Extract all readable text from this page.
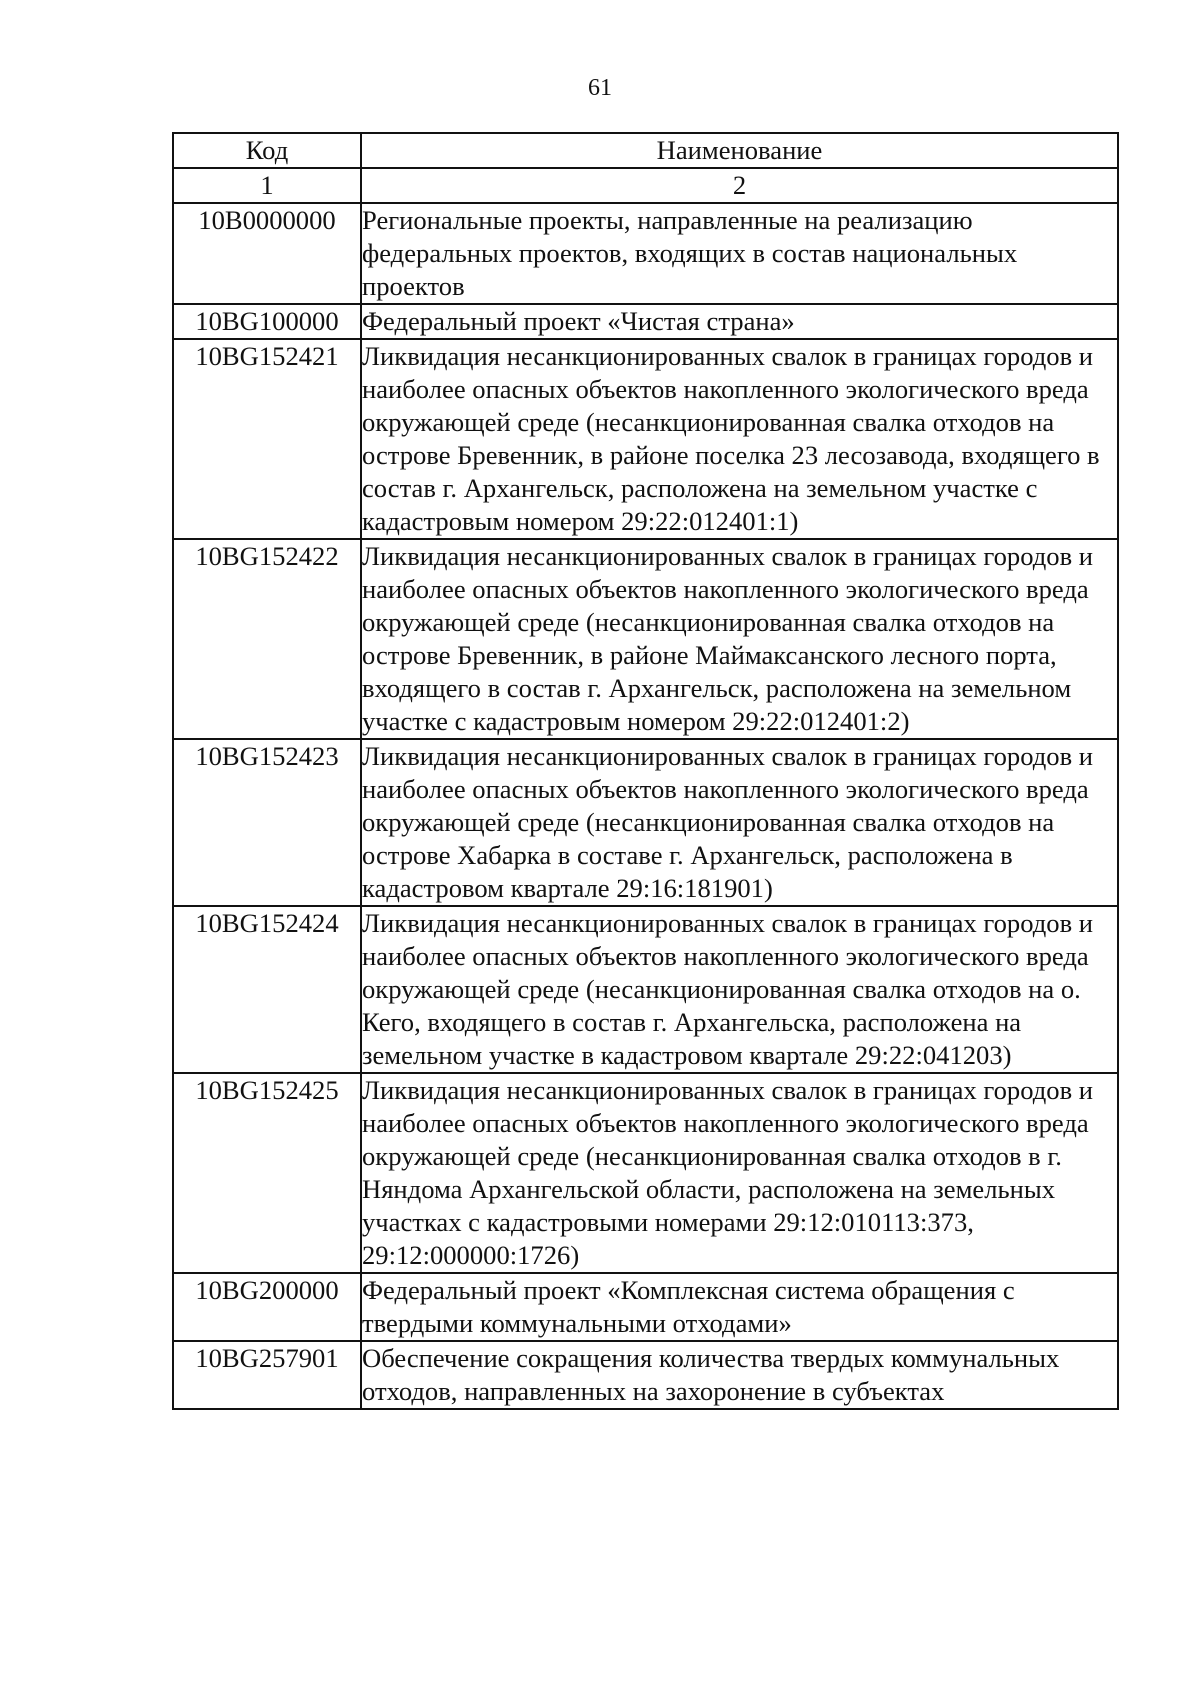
61
Код	Наименование
1	2
10B0000000	Региональные проекты, направленные на реализацию федеральных проектов, входящих в состав национальных проектов
10BG100000	Федеральный проект «Чистая страна»
10BG152421	Ликвидация несанкционированных свалок в границах городов и наиболее опасных объектов накопленного экологического вреда окружающей среде (несанкционированная свалка отходов на острове Бревенник, в районе поселка 23 лесозавода, входящего в состав г. Архангельск, расположена на земельном участке с кадастровым номером 29:22:012401:1)
10BG152422	Ликвидация несанкционированных свалок в границах городов и наиболее опасных объектов накопленного экологического вреда окружающей среде (несанкционированная свалка отходов на острове Бревенник, в районе Маймаксанского лесного порта, входящего в состав г. Архангельск, расположена на земельном участке с кадастровым номером 29:22:012401:2)
10BG152423	Ликвидация несанкционированных свалок в границах городов и наиболее опасных объектов накопленного экологического вреда окружающей среде (несанкционированная свалка отходов на острове Хабарка в составе г. Архангельск, расположена в кадастровом квартале 29:16:181901)
10BG152424	Ликвидация несанкционированных свалок в границах городов и наиболее опасных объектов накопленного экологического вреда окружающей среде (несанкционированная свалка отходов на о. Кего, входящего в состав г. Архангельска, расположена на земельном участке в кадастровом квартале 29:22:041203)
10BG152425	Ликвидация несанкционированных свалок в границах городов и наиболее опасных объектов накопленного экологического вреда окружающей среде (несанкционированная свалка отходов в г. Няндома Архангельской области, расположена на земельных участках с кадастровыми номерами 29:12:010113:373, 29:12:000000:1726)
10BG200000	Федеральный проект «Комплексная система обращения с твердыми коммунальными отходами»
10BG257901	Обеспечение сокращения количества твердых коммунальных отходов, направленных на захоронение в субъектах
